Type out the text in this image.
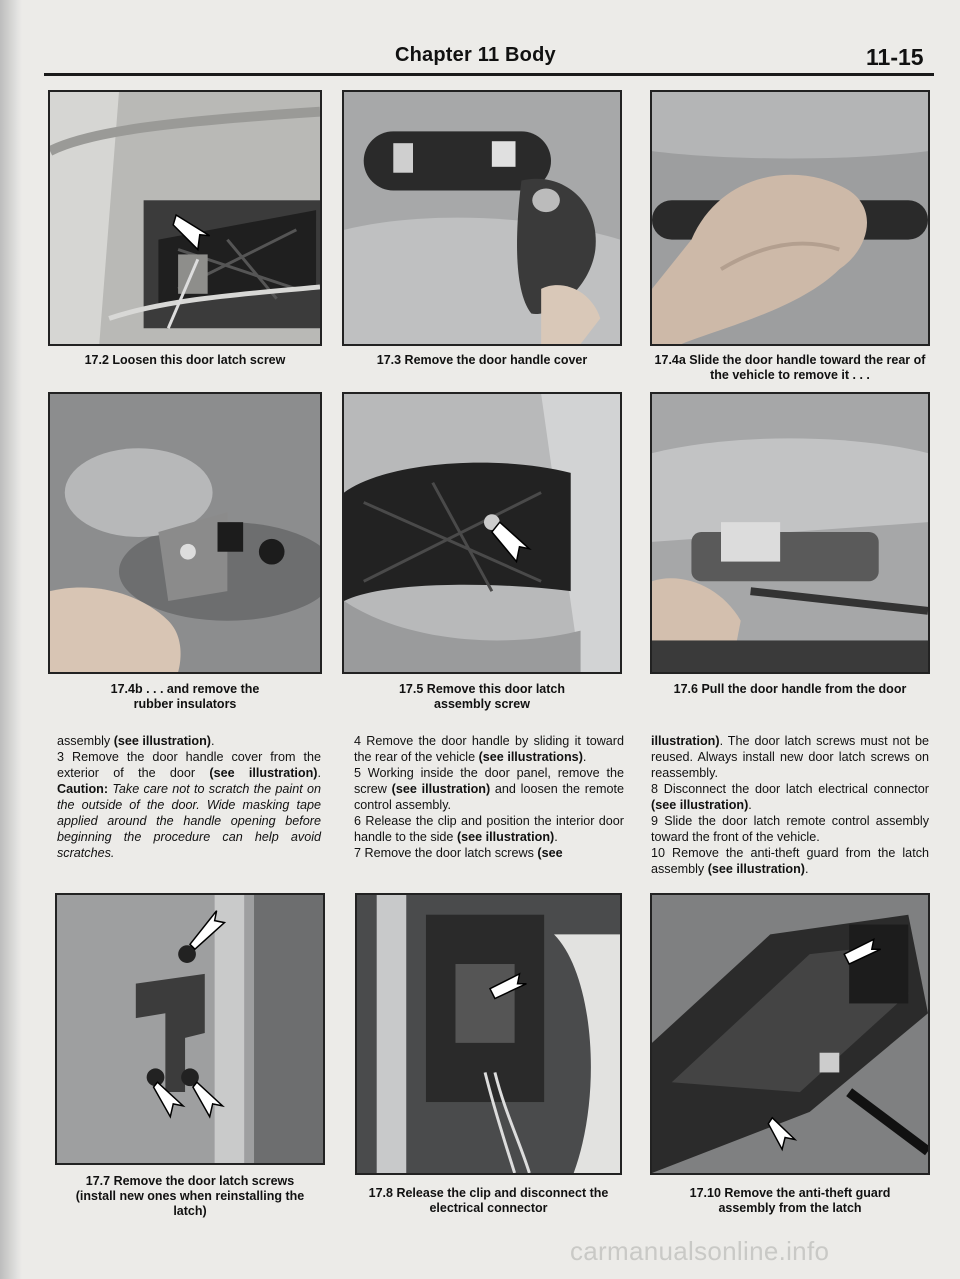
Chapter 11 Body	11-15
17.2 Loosen this door latch screw	17.3 Remove the door handle cover	17.4a Slide the door handle toward the rear of the vehicle to remove it . . .
17.4b . . . and remove the rubber insulators
17.5 Remove this door latch assembly screw
17.6 Pull the door handle from the door
assembly (see illustration).
3 Remove the door handle cover from the exterior of the door (see illustration). Caution: Take care not to scratch the paint on the outside of the door. Wide masking tape applied around the handle opening before beginning the procedure can help avoid scratches.
4 Remove the door handle by sliding it toward the rear of the vehicle (see illustrations).
5 Working inside the door panel, remove the screw (see illustration) and loosen the remote control assembly.
6 Release the clip and position the interior door handle to the side (see illustration).
7 Remove the door latch screws (see
illustration). The door latch screws must not be reused. Always install new door latch screws on reassembly.
8 Disconnect the door latch electrical connector (see illustration).
9 Slide the door latch remote control assembly toward the front of the vehicle.
10 Remove the anti-theft guard from the latch assembly (see illustration).
17.7 Remove the door latch screws (install new ones when reinstalling the latch)
17.8 Release the clip and disconnect the electrical connector
17.10 Remove the anti-theft guard assembly from the latch
carmanualsonline.info
